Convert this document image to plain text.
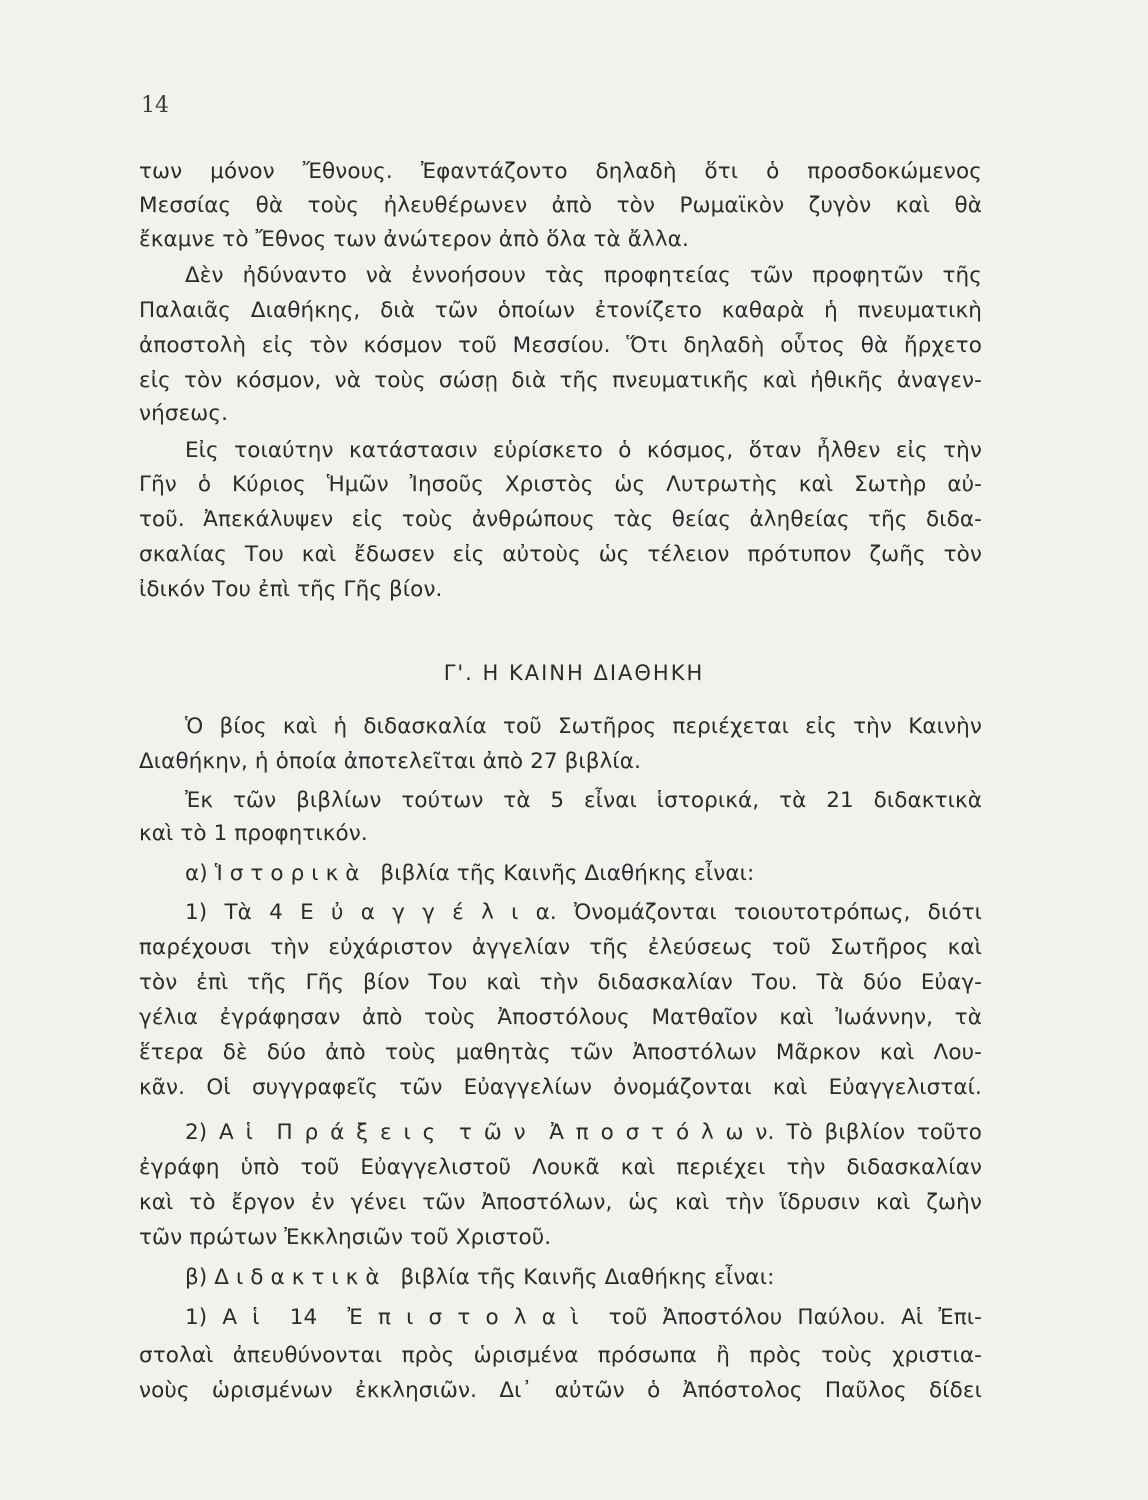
14
των μόνον Ἔθνους. Ἐφαντάζοντο δηλαδὴ ὅτι ὁ προσδοκώμενος
Μεσσίας θὰ τοὺς ἠλευθέρωνεν ἀπὸ τὸν Ρωμαϊκὸν ζυγὸν καὶ θὰ
ἔκαμνε τὸ Ἔθνος των ἀνώτερον ἀπὸ ὅλα τὰ ἄλλα.
Δὲν ἠδύναντο νὰ ἐννοήσουν τὰς προφητείας τῶν προφητῶν τῆς
Παλαιᾶς Διαθήκης, διὰ τῶν ὁποίων ἐτονίζετο καθαρὰ ἡ πνευματικὴ
ἀποστολὴ εἰς τὸν κόσμον τοῦ Μεσσίου. Ὅτι δηλαδὴ οὗτος θὰ ἤρχετο
εἰς τὸν κόσμον, νὰ τοὺς σώσῃ διὰ τῆς πνευματικῆς καὶ ἠθικῆς ἀναγεν-
νήσεως.
Εἰς τοιαύτην κατάστασιν εὑρίσκετο ὁ κόσμος, ὅταν ἦλθεν εἰς τὴν
Γῆν ὁ Κύριος Ἡμῶν Ἰησοῦς Χριστὸς ὡς Λυτρωτὴς καὶ Σωτὴρ αὐ-
τοῦ. Ἀπεκάλυψεν εἰς τοὺς ἀνθρώπους τὰς θείας ἀληθείας τῆς διδα-
σκαλίας Του καὶ ἔδωσεν εἰς αὐτοὺς ὡς τέλειον πρότυπον ζωῆς τὸν
ἰδικόν Του ἐπὶ τῆς Γῆς βίον.
Γ'. Η ΚΑΙΝΗ ΔΙΑΘΗΚΗ
Ὁ βίος καὶ ἡ διδασκαλία τοῦ Σωτῆρος περιέχεται εἰς τὴν Καινὴν
Διαθήκην, ἡ ὁποία ἀποτελεῖται ἀπὸ 27 βιβλία.
Ἐκ τῶν βιβλίων τούτων τὰ 5 εἶναι ἱστορικά, τὰ 21 διδακτικὰ
καὶ τὸ 1 προφητικόν.
α) Ἱ σ τ ο ρ ι κ ὰ   βιβλία τῆς Καινῆς Διαθήκης εἶναι:
1) Τὰ 4 Ε ὐ α γ γ έ λ ι α. Ὀνομάζονται τοιουτοτρόπως, διότι
παρέχουσι τὴν εὐχάριστον ἀγγελίαν τῆς ἐλεύσεως τοῦ Σωτῆρος καὶ
τὸν ἐπὶ τῆς Γῆς βίον Του καὶ τὴν διδασκαλίαν Του. Τὰ δύο Εὐαγ-
γέλια ἐγράφησαν ἀπὸ τοὺς Ἀποστόλους Ματθαῖον καὶ Ἰωάννην, τὰ
ἕτερα δὲ δύο ἀπὸ τοὺς μαθητὰς τῶν Ἀποστόλων Μᾶρκον καὶ Λου-
κᾶν. Οἱ συγγραφεῖς τῶν Εὐαγγελίων ὀνομάζονται καὶ Εὐαγγελισταί.
2) Α ἱ  Π ρ ά ξ ε ι ς  τ ῶ ν  Ἀ π ο σ τ ό λ ω ν. Τὸ βιβλίον τοῦτο
ἐγράφη ὑπὸ τοῦ Εὐαγγελιστοῦ Λουκᾶ καὶ περιέχει τὴν διδασκαλίαν
καὶ τὸ ἔργον ἐν γένει τῶν Ἀποστόλων, ὡς καὶ τὴν ἵδρυσιν καὶ ζωὴν
τῶν πρώτων Ἐκκλησιῶν τοῦ Χριστοῦ.
β) Δ ι δ α κ τ ι κ ὰ   βιβλία τῆς Καινῆς Διαθήκης εἶναι:
1) Α ἱ  14  Ἐ π ι σ τ ο λ α ὶ  τοῦ Ἀποστόλου Παύλου. Αἱ Ἐπι-
στολαὶ ἀπευθύνονται πρὸς ὡρισμένα πρόσωπα ἢ πρὸς τοὺς χριστια-
νοὺς ὡρισμένων ἐκκλησιῶν. Δι᾽ αὐτῶν ὁ Ἀπόστολος Παῦλος δίδει
